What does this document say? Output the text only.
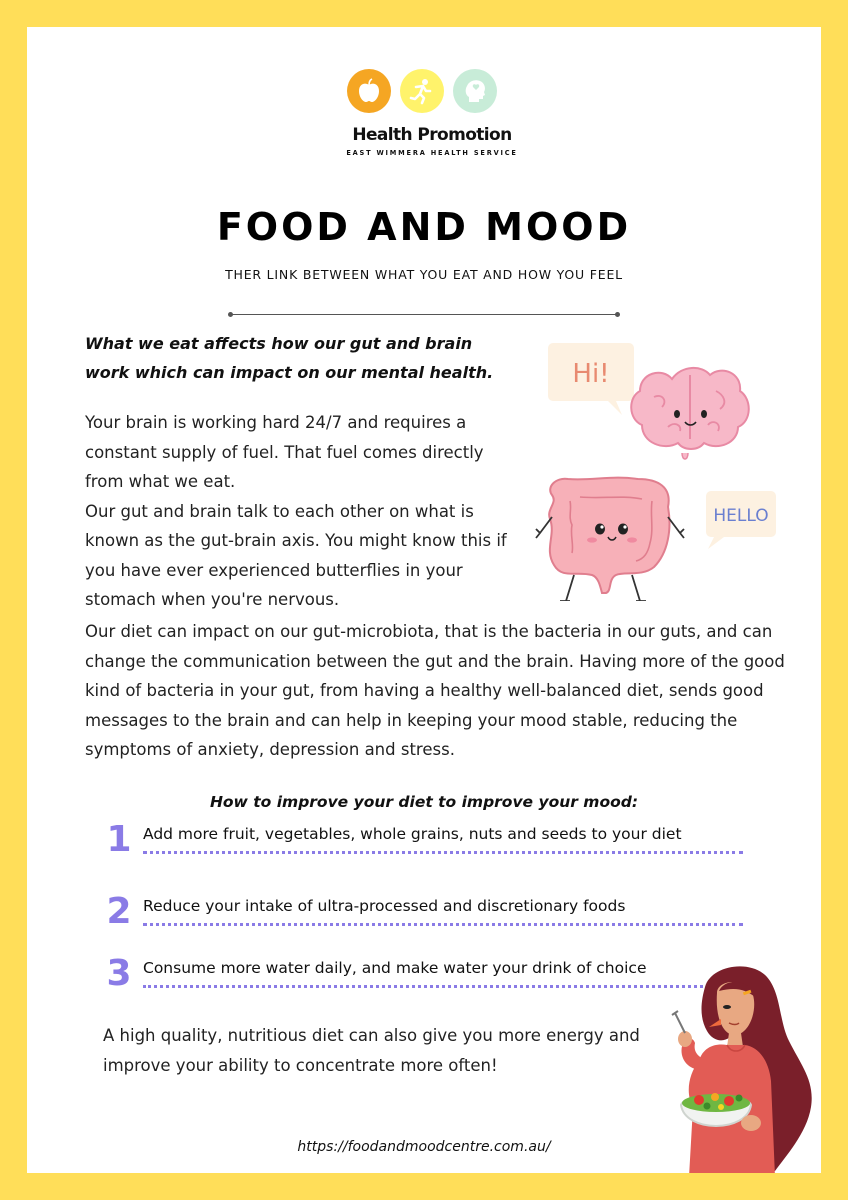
Health Promotion
EAST WIMMERA HEALTH SERVICE
FOOD AND MOOD
THER LINK BETWEEN WHAT YOU EAT AND HOW YOU FEEL
What we eat affects how our gut and brain work which can impact on our mental health.
Your brain is working hard 24/7 and requires a constant supply of fuel. That fuel comes directly from what we eat.
Our gut and brain talk to each other on what is known as the gut-brain axis. You might know this if you have ever experienced butterflies in your stomach when you're nervous.
Hi!
HELLO
Our diet can impact on our gut-microbiota, that is the bacteria in our guts, and can change the communication between the gut and the brain. Having more of the good kind of bacteria in your gut, from having a healthy well-balanced diet, sends good messages to the brain and can help in keeping your mood stable, reducing the symptoms of anxiety, depression and stress.
How to improve your diet to improve your mood:
1 Add more fruit, vegetables, whole grains, nuts and seeds to your diet
2 Reduce your intake of ultra-processed and discretionary foods
3 Consume more water daily, and make water your drink of choice
A high quality, nutritious diet can also give you more energy and improve your ability to concentrate more often!
https://foodandmoodcentre.com.au/
